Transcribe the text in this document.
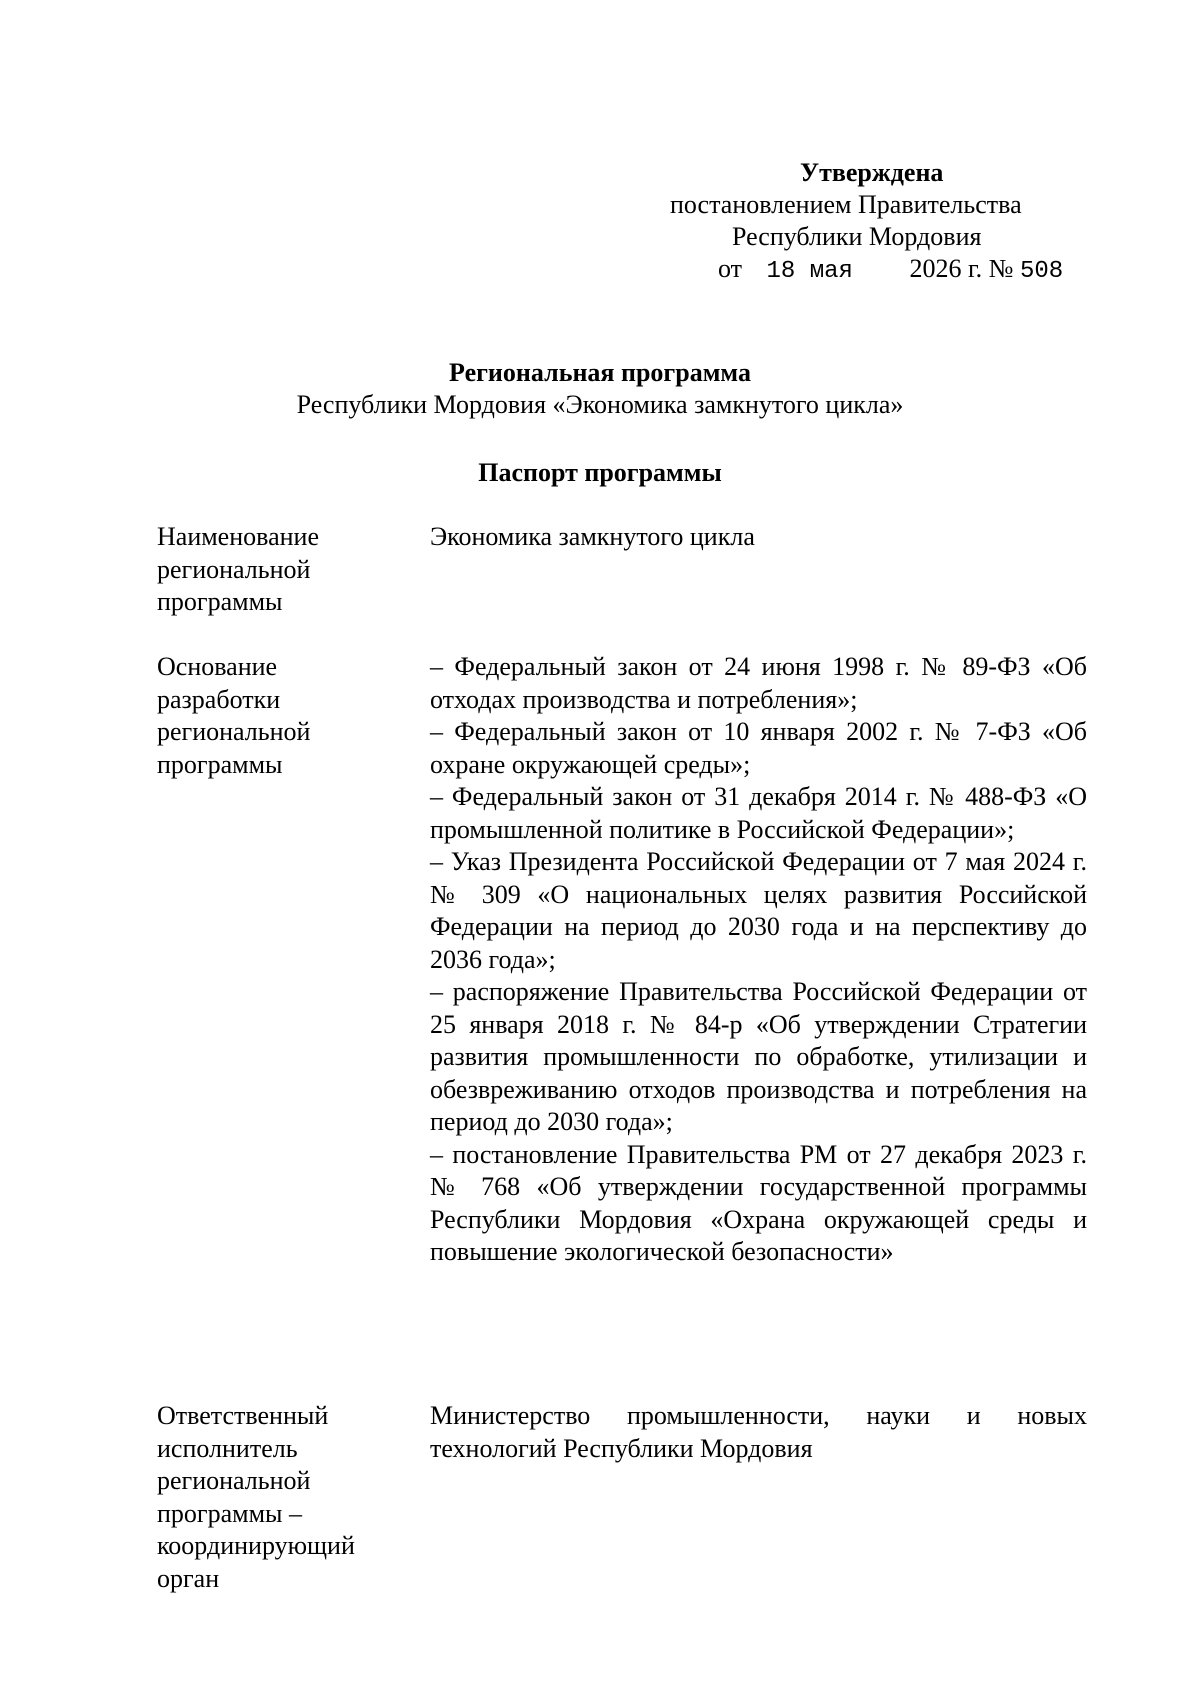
Утверждена
постановлением Правительства
Республики Мордовия
от 18 мая 2026 г. № 508
Региональная программа
Республики Мордовия «Экономика замкнутого цикла»
Паспорт программы
Наименование региональной программы

Экономика замкнутого цикла

Основание разработки региональной программы

– Федеральный закон от 24 июня 1998 г. № 89-ФЗ «Об отходах производства и потребления»;

– Федеральный закон от 10 января 2002 г. № 7-ФЗ «Об охране окружающей среды»;

– Федеральный закон от 31 декабря 2014 г. № 488-ФЗ «О промышленной политике в Российской Федерации»;

– Указ Президента Российской Федерации от 7 мая 2024 г. № 309 «О национальных целях развития Российской Федерации на период до 2030 года и на перспективу до 2036 года»;

– распоряжение Правительства Российской Федерации от 25 января 2018 г. № 84-р «Об утверждении Стратегии развития промышленности по обработке, утилизации и обезвреживанию отходов производства и потребления на период до 2030 года»;

– постановление Правительства РМ от 27 декабря 2023 г. № 768 «Об утверждении государственной программы Республики Мордовия «Охрана окружающей среды и повышение экологической безопасности»

Ответственный исполнитель региональной программы – координирующий орган

Министерство промышленности, науки и новых технологий Республики Мордовия
